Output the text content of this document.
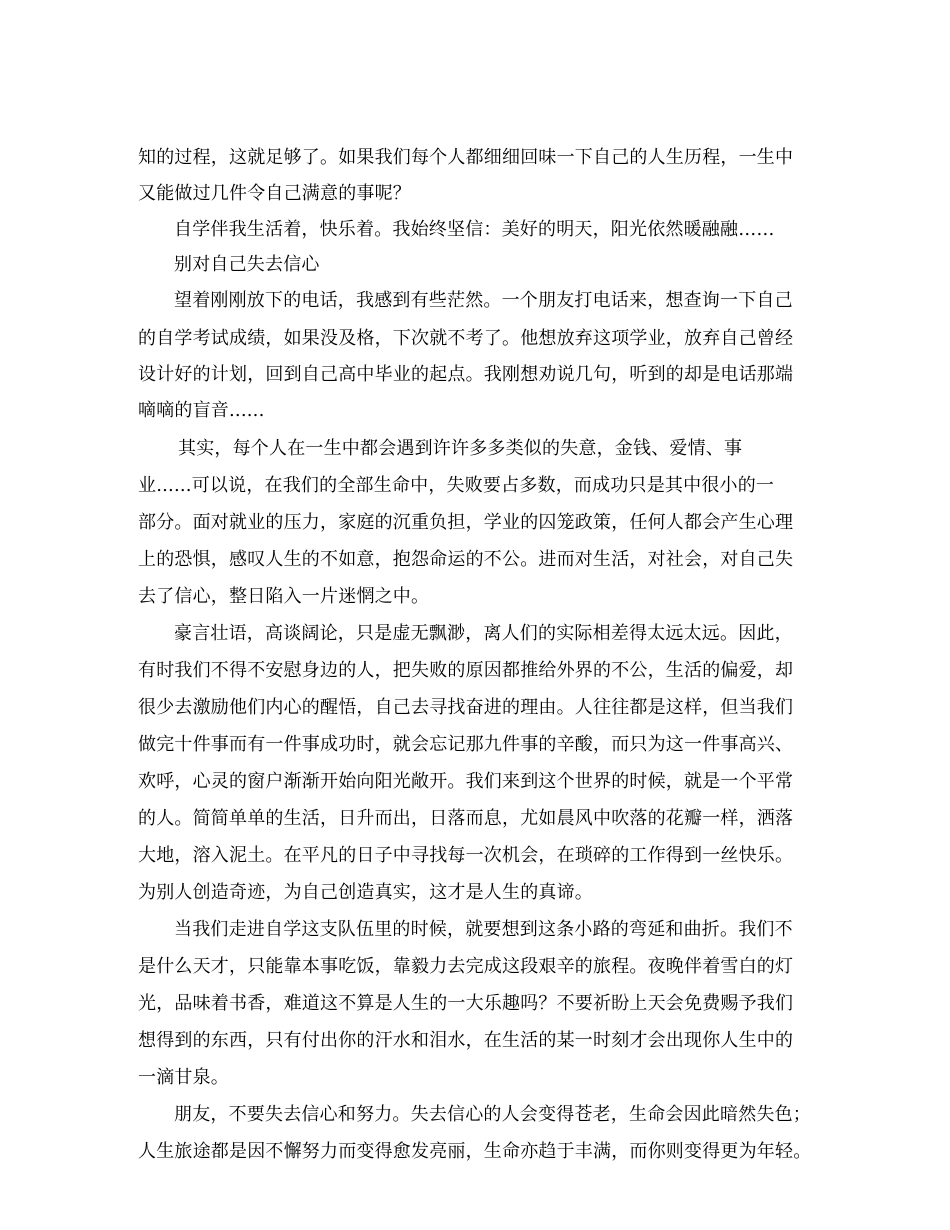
知的过程，这就足够了。如果我们每个人都细细回味一下自己的人生历程，一生中
又能做过几件令自己满意的事呢？
自学伴我生活着，快乐着。我始终坚信：美好的明天，阳光依然暖融融……
别对自己失去信心
望着刚刚放下的电话，我感到有些茫然。一个朋友打电话来，想查询一下自己
的自学考试成绩，如果没及格，下次就不考了。他想放弃这项学业，放弃自己曾经
设计好的计划，回到自己高中毕业的起点。我刚想劝说几句，听到的却是电话那端
嘀嘀的盲音......
其实，每个人在一生中都会遇到许许多多类似的失意，金钱、爱情、事
业......可以说，在我们的全部生命中，失败要占多数，而成功只是其中很小的一
部分。面对就业的压力，家庭的沉重负担，学业的囚笼政策，任何人都会产生心理
上的恐惧，感叹人生的不如意，抱怨命运的不公。进而对生活，对社会，对自己失
去了信心，整日陷入一片迷惘之中。
豪言壮语，高谈阔论，只是虚无飘渺，离人们的实际相差得太远太远。因此，
有时我们不得不安慰身边的人，把失败的原因都推给外界的不公，生活的偏爱，却
很少去激励他们内心的醒悟，自己去寻找奋进的理由。人往往都是这样，但当我们
做完十件事而有一件事成功时，就会忘记那九件事的辛酸，而只为这一件事高兴、
欢呼，心灵的窗户渐渐开始向阳光敞开。我们来到这个世界的时候，就是一个平常
的人。简简单单的生活，日升而出，日落而息，尤如晨风中吹落的花瓣一样，洒落
大地，溶入泥土。在平凡的日子中寻找每一次机会，在琐碎的工作得到一丝快乐。
为别人创造奇迹，为自己创造真实，这才是人生的真谛。
当我们走进自学这支队伍里的时候，就要想到这条小路的弯延和曲折。我们不
是什么天才，只能靠本事吃饭，靠毅力去完成这段艰辛的旅程。夜晚伴着雪白的灯
光，品味着书香，难道这不算是人生的一大乐趣吗？不要祈盼上天会免费赐予我们
想得到的东西，只有付出你的汗水和泪水，在生活的某一时刻才会出现你人生中的
一滴甘泉。
朋友，不要失去信心和努力。失去信心的人会变得苍老，生命会因此暗然失色；
人生旅途都是因不懈努力而变得愈发亮丽，生命亦趋于丰满，而你则变得更为年轻。
